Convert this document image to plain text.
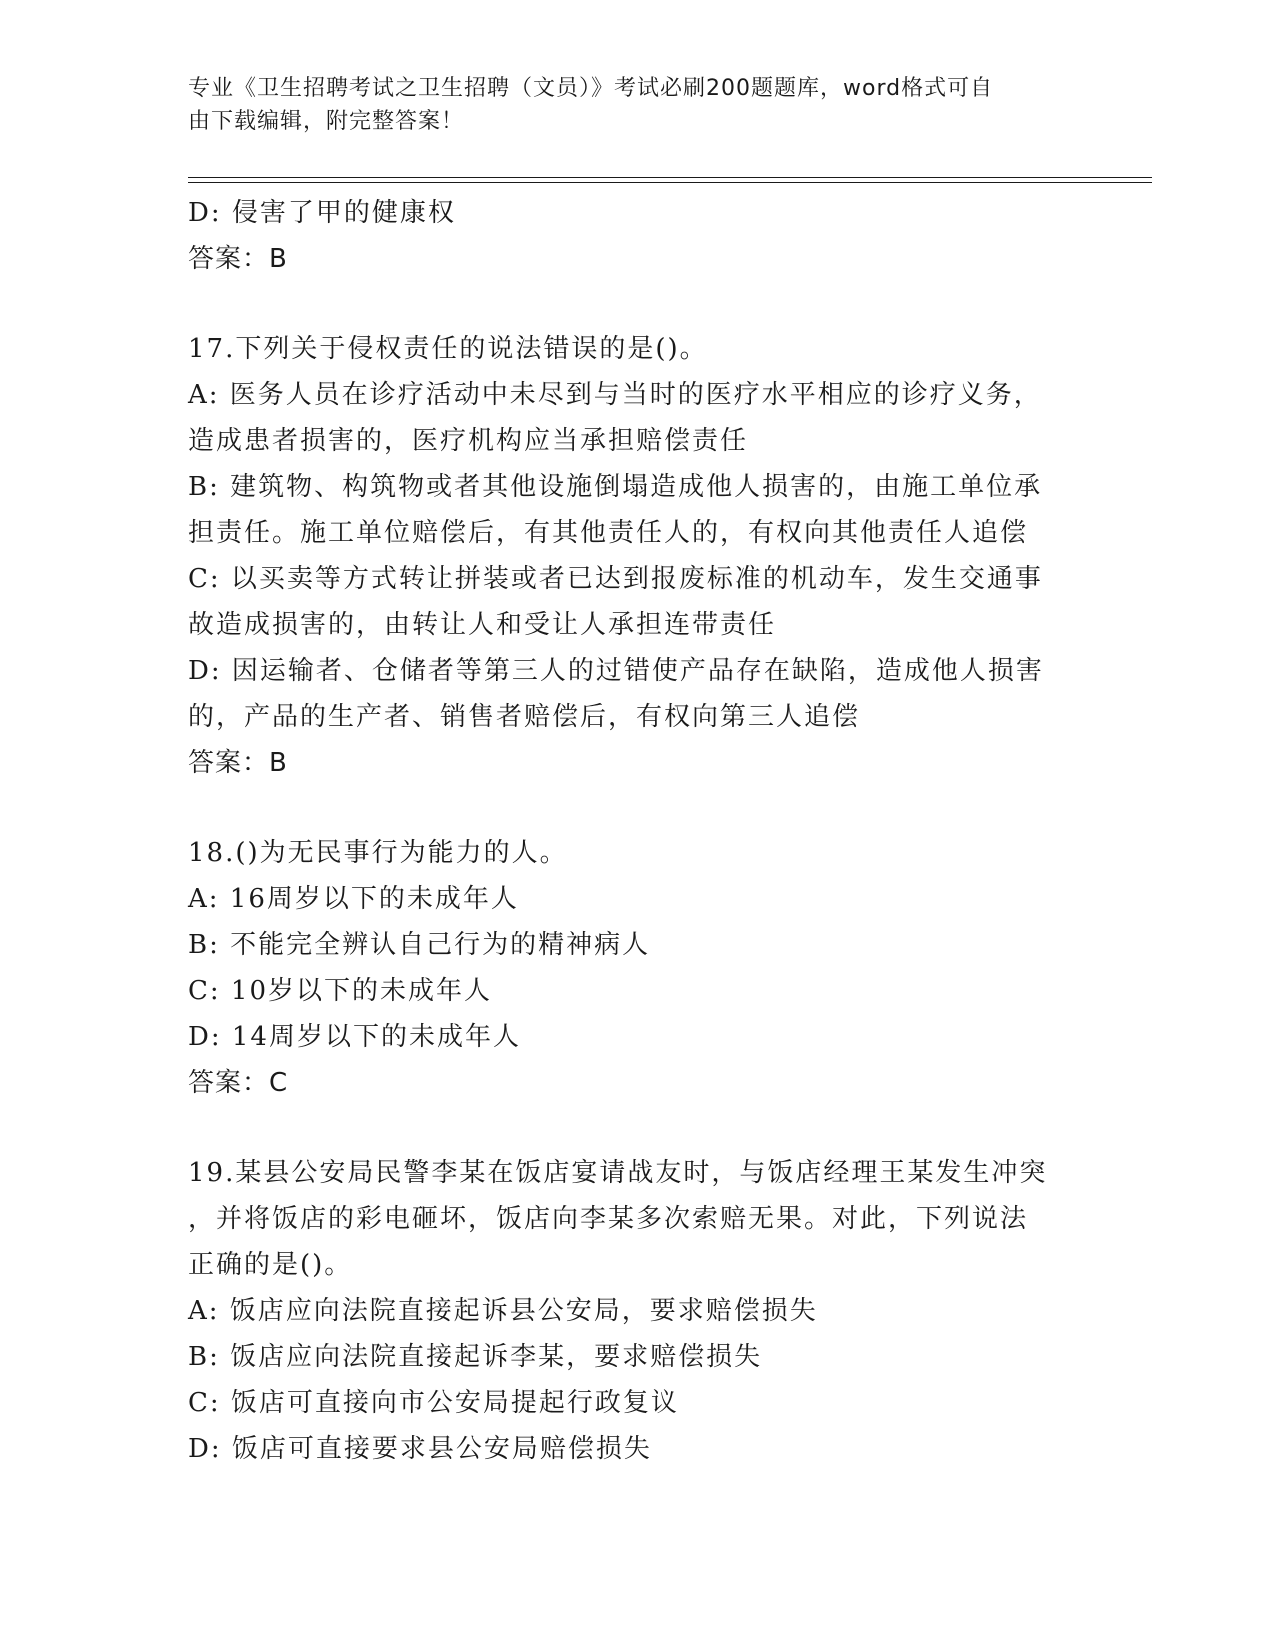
专业《卫生招聘考试之卫生招聘（文员）》考试必刷200题题库，word格式可自
由下载编辑，附完整答案！
D: 侵害了甲的健康权
答案：B
17.下列关于侵权责任的说法错误的是()。
A: 医务人员在诊疗活动中未尽到与当时的医疗水平相应的诊疗义务，
造成患者损害的，医疗机构应当承担赔偿责任
B: 建筑物、构筑物或者其他设施倒塌造成他人损害的，由施工单位承
担责任。施工单位赔偿后，有其他责任人的，有权向其他责任人追偿
C: 以买卖等方式转让拼装或者已达到报废标准的机动车，发生交通事
故造成损害的，由转让人和受让人承担连带责任
D: 因运输者、仓储者等第三人的过错使产品存在缺陷，造成他人损害
的，产品的生产者、销售者赔偿后，有权向第三人追偿
答案：B
18.()为无民事行为能力的人。
A: 16周岁以下的未成年人
B: 不能完全辨认自己行为的精神病人
C: 10岁以下的未成年人
D: 14周岁以下的未成年人
答案：C
19.某县公安局民警李某在饭店宴请战友时，与饭店经理王某发生冲突
，并将饭店的彩电砸坏，饭店向李某多次索赔无果。对此，下列说法
正确的是()。
A: 饭店应向法院直接起诉县公安局，要求赔偿损失
B: 饭店应向法院直接起诉李某，要求赔偿损失
C: 饭店可直接向市公安局提起行政复议
D: 饭店可直接要求县公安局赔偿损失
